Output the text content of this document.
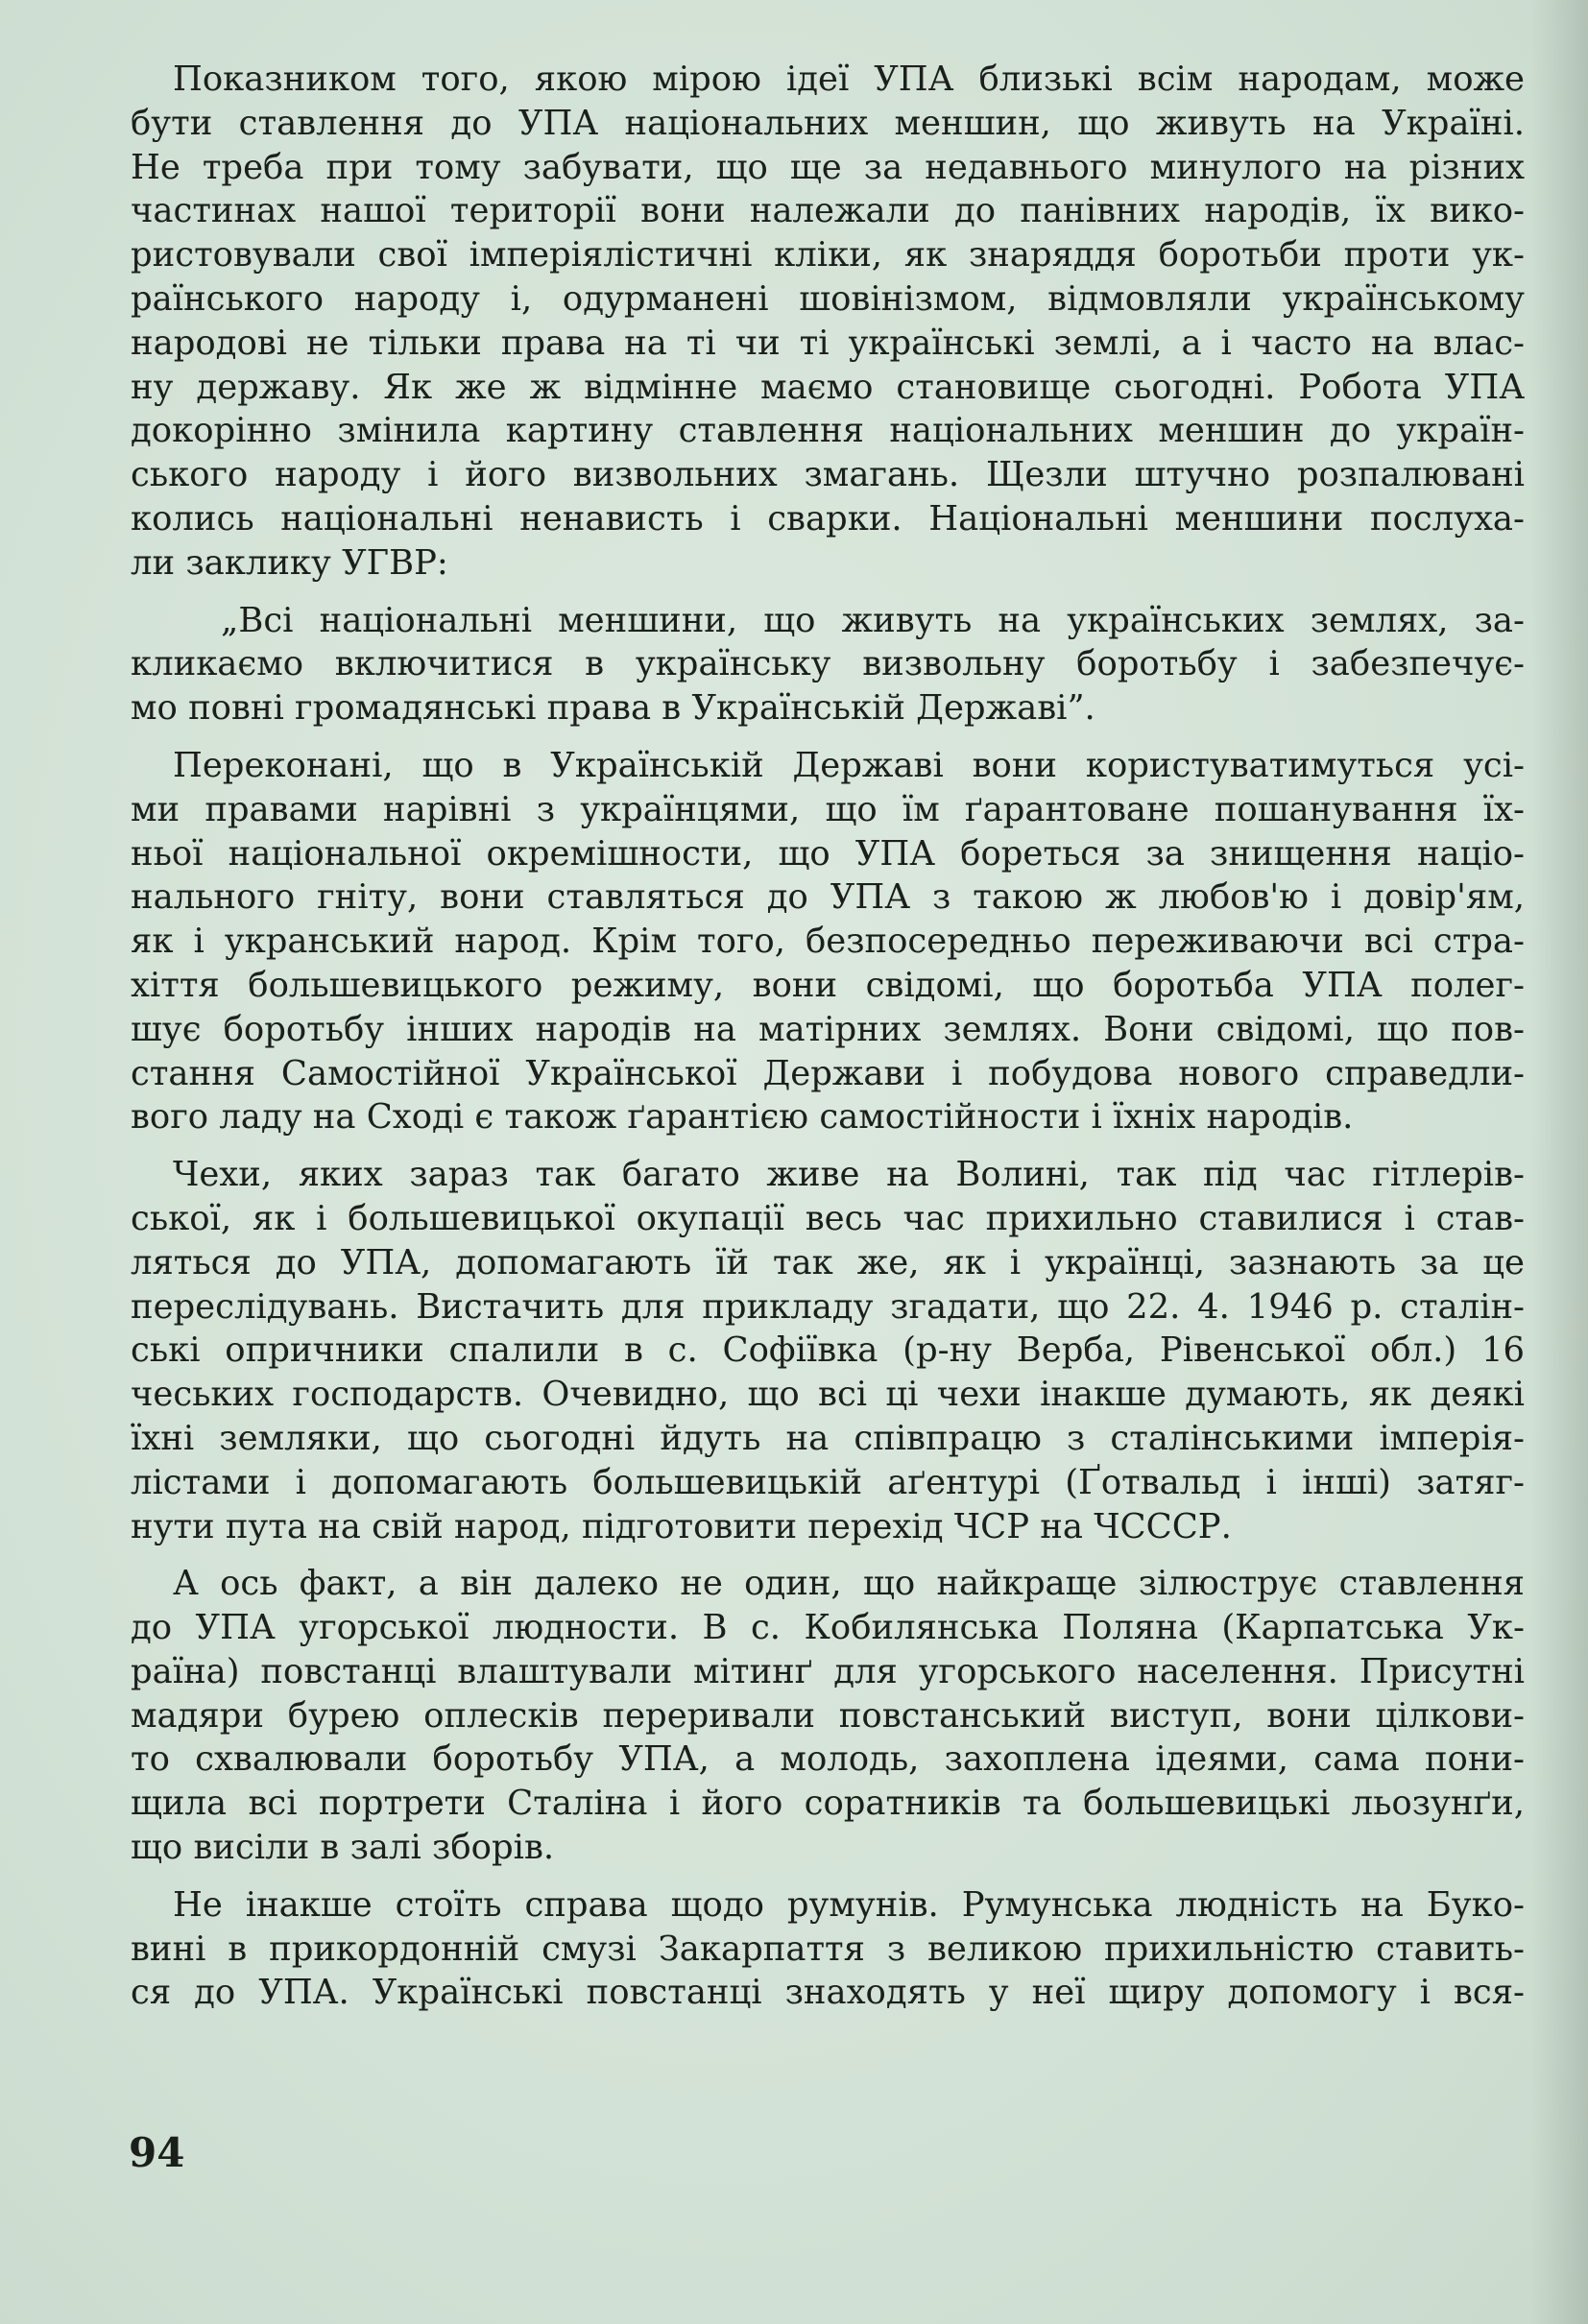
Показником того, якою мірою ідеї УПА близькі всім народам, може
бути ставлення до УПА національних меншин, що живуть на Україні.
Не треба при тому забувати, що ще за недавнього минулого на різних
частинах нашої території вони належали до панівних народів, їх вико-
ристовували свої імперіялістичні кліки, як знаряддя боротьби проти ук-
раїнського народу і, одурманені шовінізмом, відмовляли українському
народові не тільки права на ті чи ті українські землі, а і часто на влас-
ну державу. Як же ж відмінне маємо становище сьогодні. Робота УПА
докорінно змінила картину ставлення національних меншин до україн-
ського народу і його визвольних змагань. Щезли штучно розпалювані
колись національні ненависть і сварки. Національні меншини послуха-
ли заклику УГВР:
„Всі національні меншини, що живуть на українських землях, за-
кликаємо включитися в українську визвольну боротьбу і забезпечує-
мо повні громадянські права в Українській Державі”.
Переконані, що в Українській Державі вони користуватимуться усі-
ми правами нарівні з українцями, що їм ґарантоване пошанування їх-
ньої національної окремішности, що УПА бореться за знищення націо-
нального гніту, вони ставляться до УПА з такою ж любов'ю і довір'ям,
як і укранський народ. Крім того, безпосередньо переживаючи всі стра-
хіття большевицького режиму, вони свідомі, що боротьба УПА полег-
шує боротьбу інших народів на матірних землях. Вони свідомі, що пов-
стання Самостійної Української Держави і побудова нового справедли-
вого ладу на Сході є також ґарантією самостійности і їхніх народів.
Чехи, яких зараз так багато живе на Волині, так під час гітлерів-
ської, як і большевицької окупації весь час прихильно ставилися і став-
ляться до УПА, допомагають їй так же, як і українці, зазнають за це
переслідувань. Вистачить для прикладу згадати, що 22. 4. 1946 р. сталін-
ські опричники спалили в с. Софіївка (р-ну Верба, Рівенської обл.) 16
чеських господарств. Очевидно, що всі ці чехи інакше думають, як деякі
їхні земляки, що сьогодні йдуть на співпрацю з сталінськими імперія-
лістами і допомагають большевицькій аґентурі (Ґотвальд і інші) затяг-
нути пута на свій народ, підготовити перехід ЧСР на ЧСССР.
А ось факт, а він далеко не один, що найкраще зілюструє ставлення
до УПА угорської людности. В с. Кобилянська Поляна (Карпатська Ук-
раїна) повстанці влаштували мітинґ для угорського населення. Присутні
мадяри бурею оплесків переривали повстанський виступ, вони цілкови-
то схвалювали боротьбу УПА, а молодь, захоплена ідеями, сама пони-
щила всі портрети Сталіна і його соратників та большевицькі льозунґи,
що висіли в залі зборів.
Не інакше стоїть справа щодо румунів. Румунська людність на Буко-
вині в прикордонній смузі Закарпаття з великою прихильністю ставить-
ся до УПА. Українські повстанці знаходять у неї щиру допомогу і вся-
94
